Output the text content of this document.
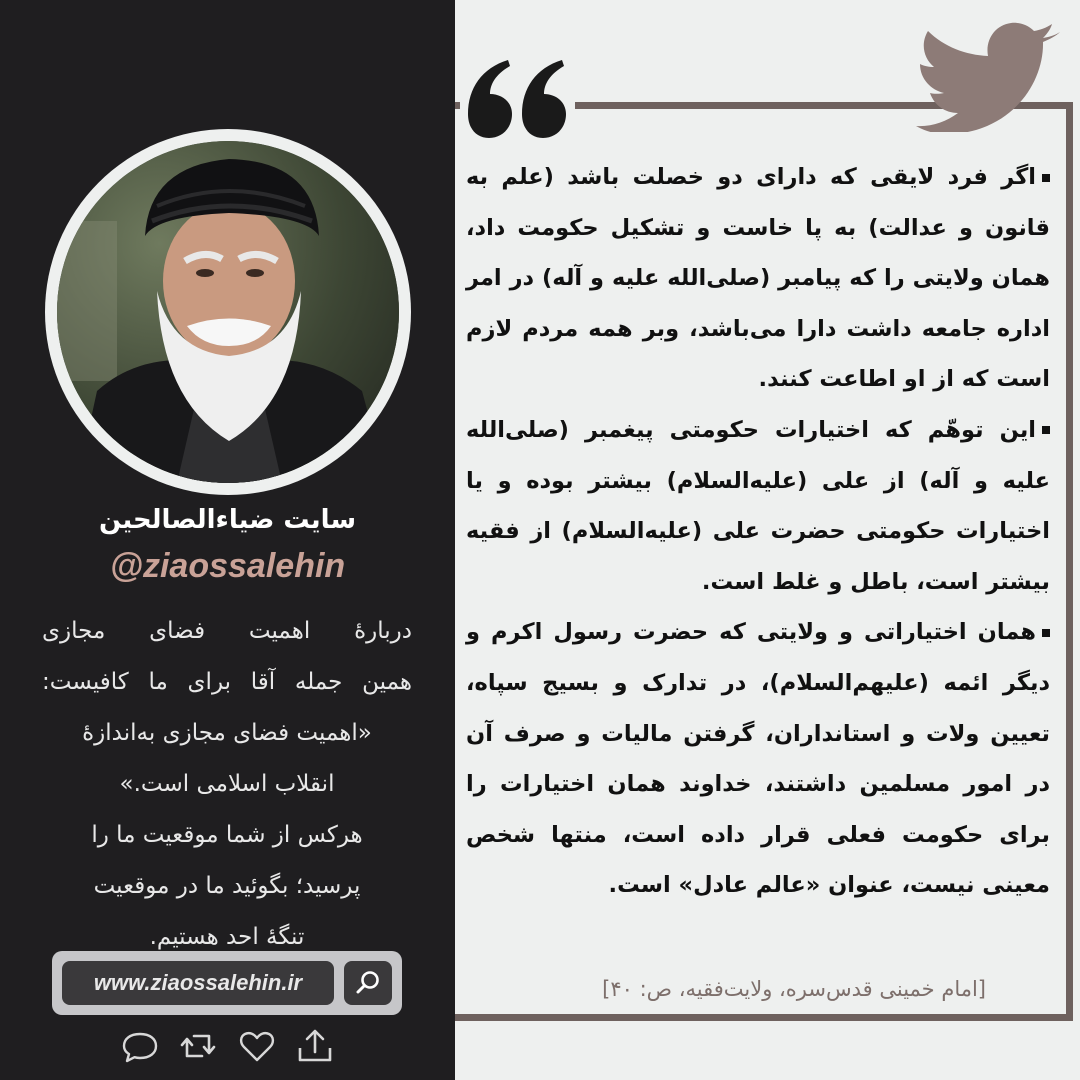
سایت ضیاءالصالحین
@ziaossalehin

دربارهٔ اهمیت فضای مجازی

همین جمله آقا برای ما کافیست:

«اهمیت فضای مجازی به‌اندازهٔ

انقلاب اسلامی است.»

هرکس از شما موقعیت ما را

پرسید؛ بگوئید ما در موقعیت

تنگهٔ احد هستیم.

www.ziaossalehin.ir

اگر فرد لایقی که دارای دو خصلت باشد (علم به قانون و عدالت) به پا خاست و تشکیل حکومت داد، همان ولایتی را که پیامبر (صلی‌الله علیه و آله) در امر اداره جامعه داشت دارا می‌باشد، وبر همه مردم لازم است که از او اطاعت کنند.

این توهّم که اختیارات حکومتی پیغمبر (صلی‌الله علیه و آله) از علی (علیه‌السلام) بیشتر بوده و یا اختیارات حکومتی حضرت علی (علیه‌السلام) از فقیه بیشتر است، باطل و غلط است.

همان اختیاراتی و ولایتی که حضرت رسول اکرم و دیگر ائمه (علیهم‌السلام)، در تدارک و بسیج سپاه، تعیین ولات و استانداران، گرفتن مالیات و صرف آن در امور مسلمین داشتند، خداوند همان اختیارات را برای حکومت فعلی قرار داده است، منتها شخص معینی نیست، عنوان «عالم عادل» است.

[امام خمینی قدس‌سره، ولایت‌فقیه، ص: ۴۰]
